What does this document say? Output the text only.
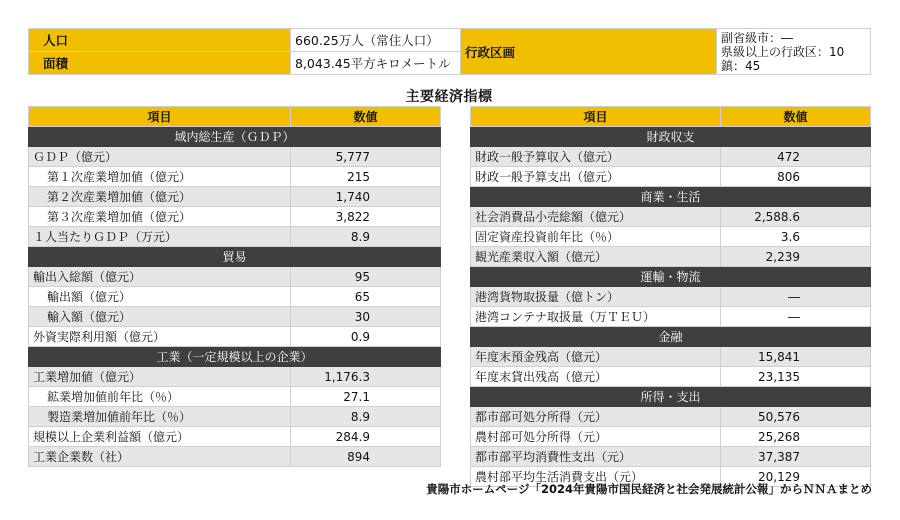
人口	660.25万人（常住人口）	行政区画	副省級市：―
県級以上の行政区：10
鎮：45

面積	8,043.45平方キロメートル		
主要経済指標
項目	数値
域内総生産（ＧＤＰ）	
ＧＤＰ（億元）	5,777
第１次産業増加値（億元）	215
第２次産業増加値（億元）	1,740
第３次産業増加値（億元）	3,822
１人当たりＧＤＰ（万元）	8.9
貿易	
輸出入総額（億元）	95
輸出額（億元）	65
輸入額（億元）	30
外資実際利用額（億元）	0.9
工業（一定規模以上の企業）	
工業増加値（億元）	1,176.3
鉱業増加値前年比（％）	27.1
製造業増加値前年比（％）	8.9
規模以上企業利益額（億元）	284.9
工業企業数（社）	894
項目	数値
財政収支	
財政一般予算収入（億元）	472
財政一般予算支出（億元）	806
商業・生活	
社会消費品小売総額（億元）	2,588.6
固定資産投資前年比（％）	3.6
観光産業収入額（億元）	2,239
運輸・物流	
港湾貨物取扱量（億トン）	―
港湾コンテナ取扱量（万ＴＥＵ）	―
金融	
年度末預金残高（億元）	15,841
年度末貸出残高（億元）	23,135
所得・支出	
都市部可処分所得（元）	50,576
農村部可処分所得（元）	25,268
都市部平均消費性支出（元）	37,387
農村部平均生活消費支出（元）	20,129
貴陽市ホームページ「2024年貴陽市国民経済と社会発展統計公報」からＮＮＡまとめ
